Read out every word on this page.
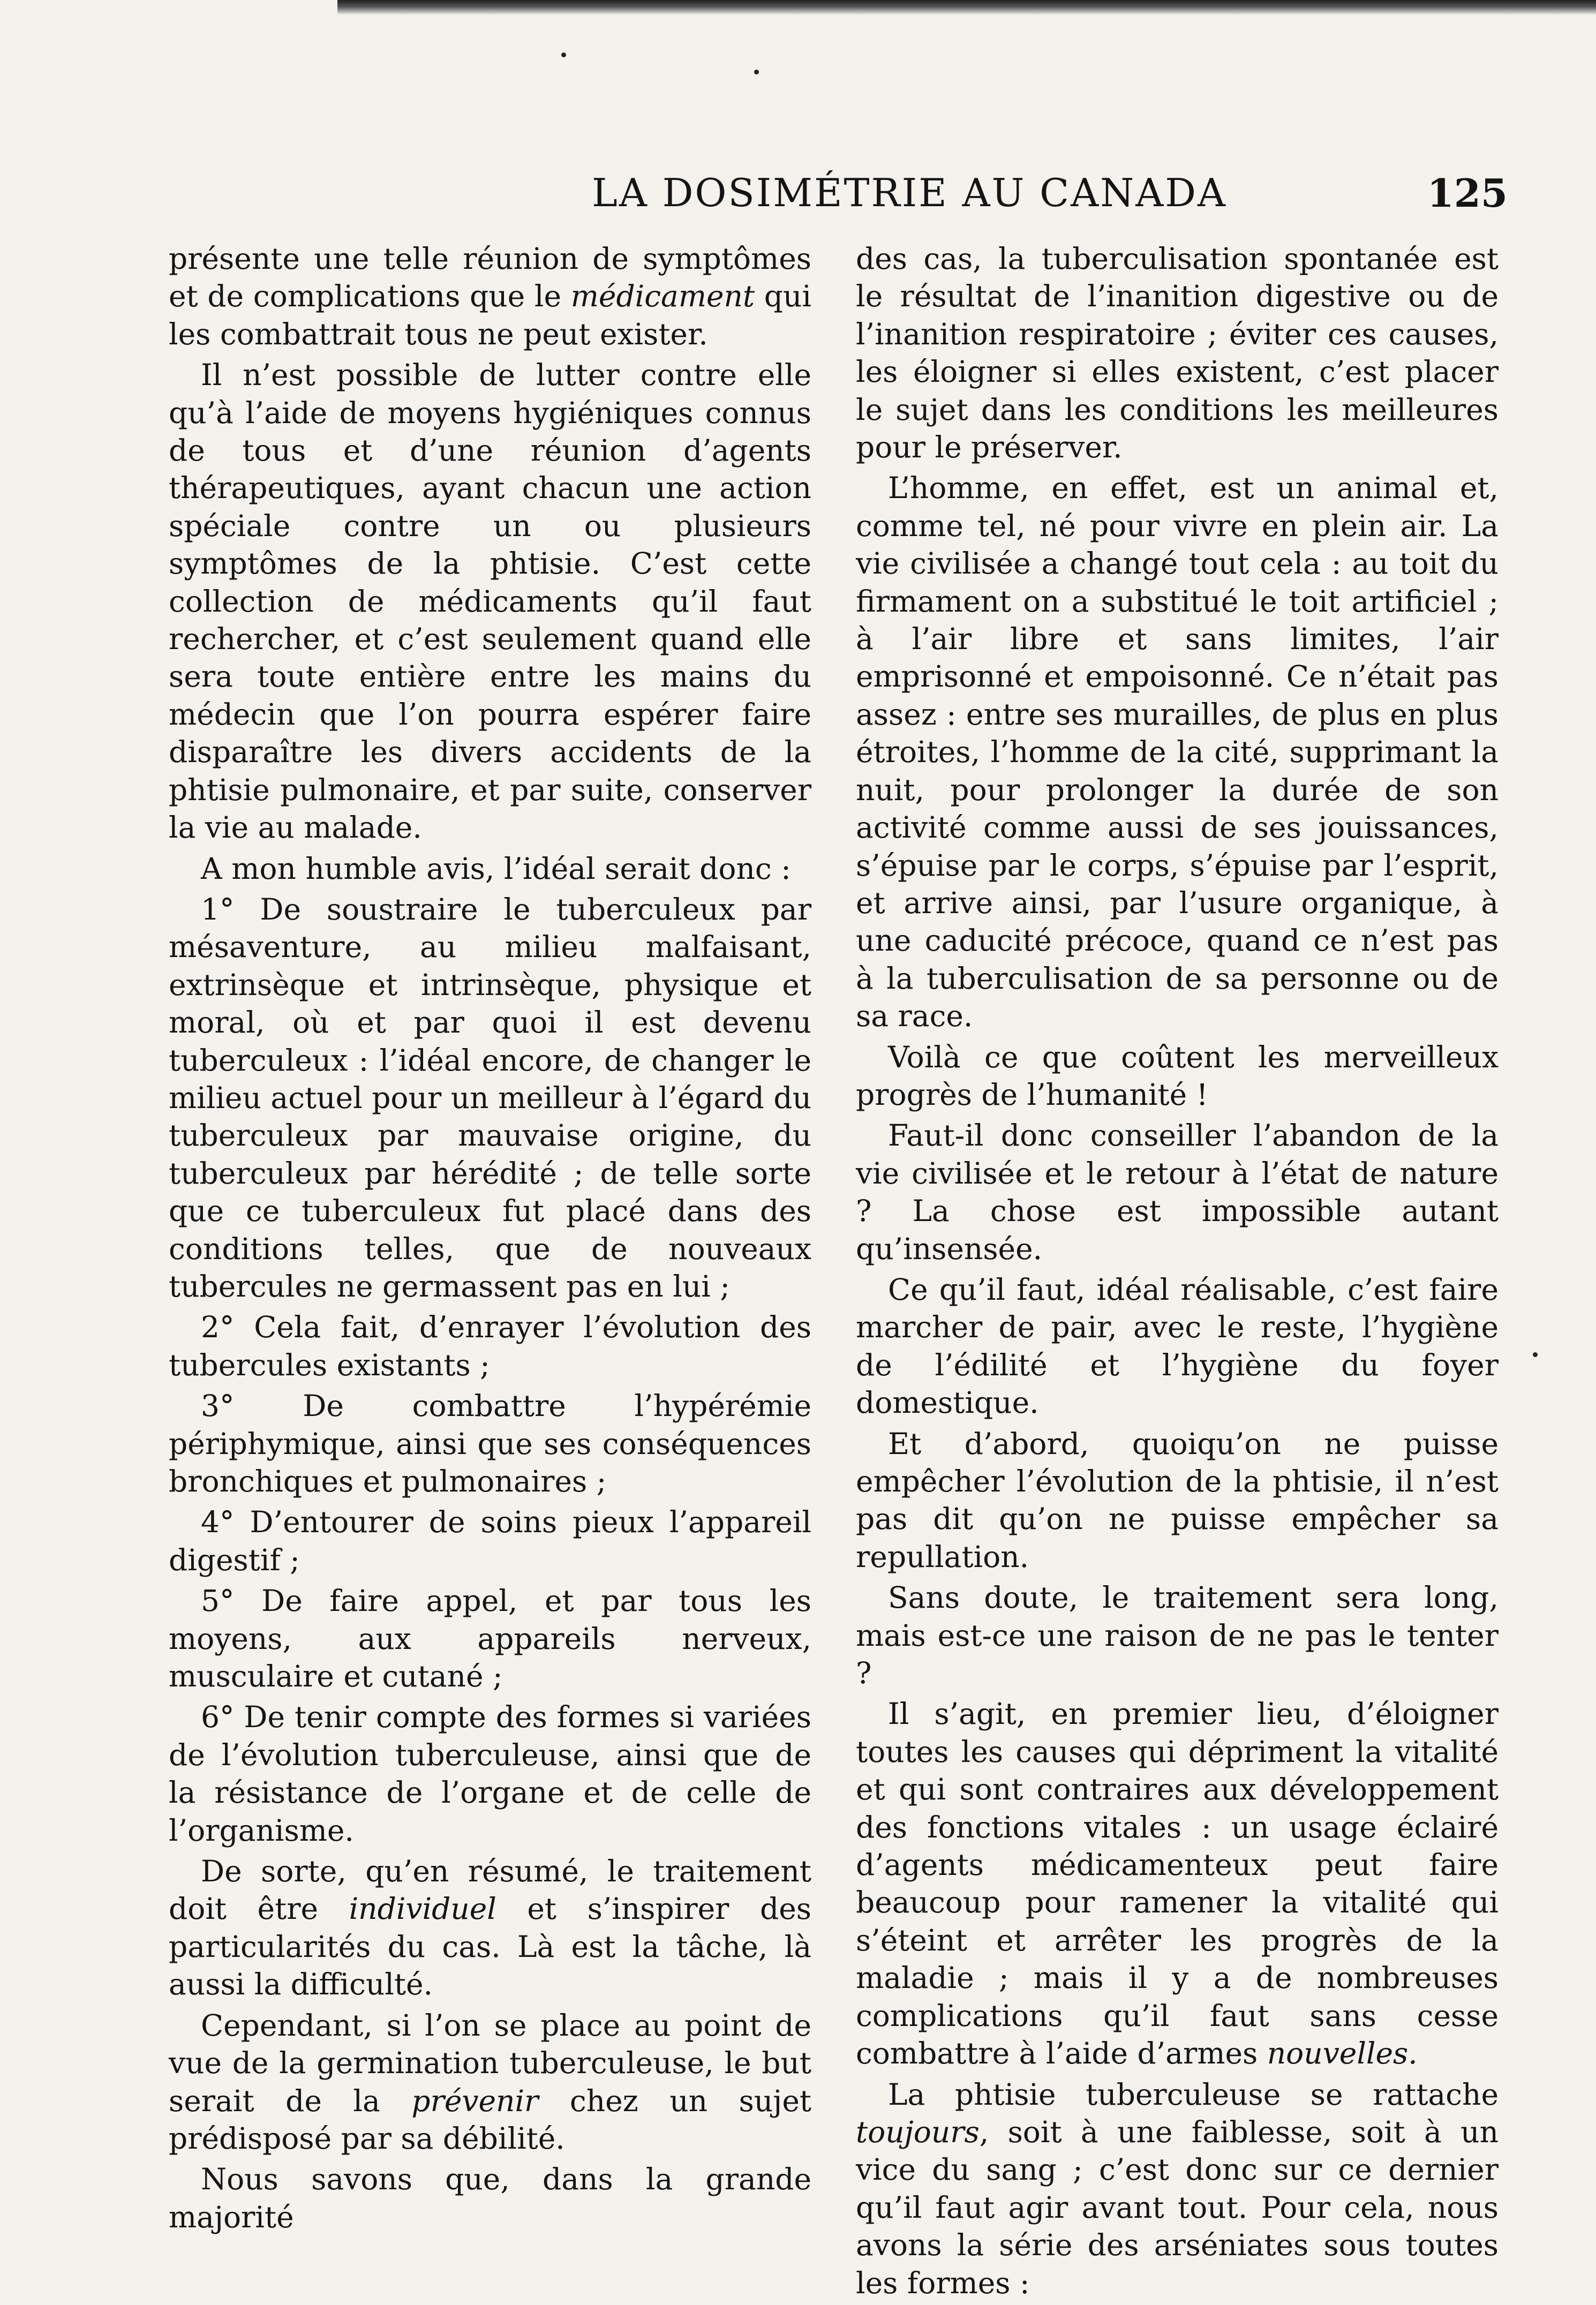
LA DOSIMÉTRIE AU CANADA	125

présente une telle réunion de symptômes et de complications que le médicament qui les combattrait tous ne peut exister.

Il n’est possible de lutter contre elle qu’à l’aide de moyens hygiéniques connus de tous et d’une réunion d’agents thérapeutiques, ayant chacun une action spéciale contre un ou plusieurs symptômes de la phtisie. C’est cette collection de médicaments qu’il faut rechercher, et c’est seulement quand elle sera toute entière entre les mains du médecin que l’on pourra espérer faire disparaître les divers accidents de la phtisie pulmonaire, et par suite, conserver la vie au malade.

A mon humble avis, l’idéal serait donc :

1° De soustraire le tuberculeux par mésaventure, au milieu malfaisant, extrinsèque et intrinsèque, physique et moral, où et par quoi il est devenu tuberculeux : l’idéal encore, de changer le milieu actuel pour un meilleur à l’égard du tuberculeux par mauvaise origine, du tuberculeux par hérédité ; de telle sorte que ce tuberculeux fut placé dans des conditions telles, que de nouveaux tubercules ne germassent pas en lui ;

2° Cela fait, d’enrayer l’évolution des tubercules existants ;

3° De combattre l’hypérémie périphymique, ainsi que ses conséquences bronchiques et pulmonaires ;

4° D’entourer de soins pieux l’appareil digestif ;

5° De faire appel, et par tous les moyens, aux appareils nerveux, musculaire et cutané ;

6° De tenir compte des formes si variées de l’évolution tuberculeuse, ainsi que de la résistance de l’organe et de celle de l’organisme.

De sorte, qu’en résumé, le traitement doit être individuel et s’inspirer des particularités du cas. Là est la tâche, là aussi la difficulté.

Cependant, si l’on se place au point de vue de la germination tuberculeuse, le but serait de la prévenir chez un sujet prédisposé par sa débilité.

Nous savons que, dans la grande majorité

des cas, la tuberculisation spontanée est le résultat de l’inanition digestive ou de l’inanition respiratoire ; éviter ces causes, les éloigner si elles existent, c’est placer le sujet dans les conditions les meilleures pour le préserver.

L’homme, en effet, est un animal et, comme tel, né pour vivre en plein air. La vie civilisée a changé tout cela : au toit du firmament on a substitué le toit artificiel ; à l’air libre et sans limites, l’air emprisonné et empoisonné. Ce n’était pas assez : entre ses murailles, de plus en plus étroites, l’homme de la cité, supprimant la nuit, pour prolonger la durée de son activité comme aussi de ses jouissances, s’épuise par le corps, s’épuise par l’esprit, et arrive ainsi, par l’usure organique, à une caducité précoce, quand ce n’est pas à la tuberculisation de sa personne ou de sa race.

Voilà ce que coûtent les merveilleux progrès de l’humanité !

Faut-il donc conseiller l’abandon de la vie civilisée et le retour à l’état de nature ? La chose est impossible autant qu’insensée.

Ce qu’il faut, idéal réalisable, c’est faire marcher de pair, avec le reste, l’hygiène de l’édilité et l’hygiène du foyer domestique.

Et d’abord, quoiqu’on ne puisse empêcher l’évolution de la phtisie, il n’est pas dit qu’on ne puisse empêcher sa repullation.

Sans doute, le traitement sera long, mais est-ce une raison de ne pas le tenter ?

Il s’agit, en premier lieu, d’éloigner toutes les causes qui dépriment la vitalité et qui sont contraires aux développement des fonctions vitales : un usage éclairé d’agents médicamenteux peut faire beaucoup pour ramener la vitalité qui s’éteint et arrêter les progrès de la maladie ; mais il y a de nombreuses complications qu’il faut sans cesse combattre à l’aide d’armes nouvelles.

La phtisie tuberculeuse se rattache toujours, soit à une faiblesse, soit à un vice du sang ; c’est donc sur ce dernier qu’il faut agir avant tout. Pour cela, nous avons la série des arséniates sous toutes les formes :
